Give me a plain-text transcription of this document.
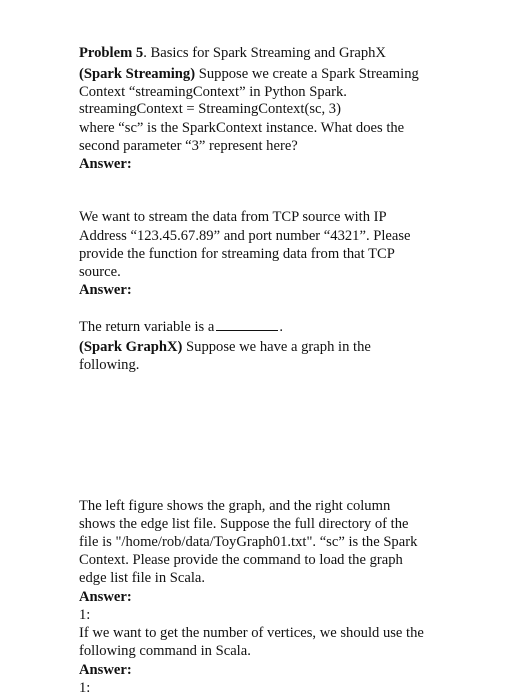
Problem 5. Basics for Spark Streaming and GraphX
(Spark Streaming) Suppose we create a Spark Streaming
Context “streamingContext” in Python Spark.
streamingContext = StreamingContext(sc, 3)
where “sc” is the SparkContext instance. What does the
second parameter “3” represent here?
Answer:
We want to stream the data from TCP source with IP
Address “123.45.67.89” and port number “4321”. Please
provide the function for streaming data from that TCP
source.
Answer:
The return variable is a	.
(Spark GraphX) Suppose we have a graph in the
following.
The left figure shows the graph, and the right column
shows the edge list file. Suppose the full directory of the
file is "/home/rob/data/ToyGraph01.txt". “sc” is the Spark
Context. Please provide the command to load the graph
edge list file in Scala.
Answer:
1:
If we want to get the number of vertices, we should use the
following command in Scala.
Answer:
1:
